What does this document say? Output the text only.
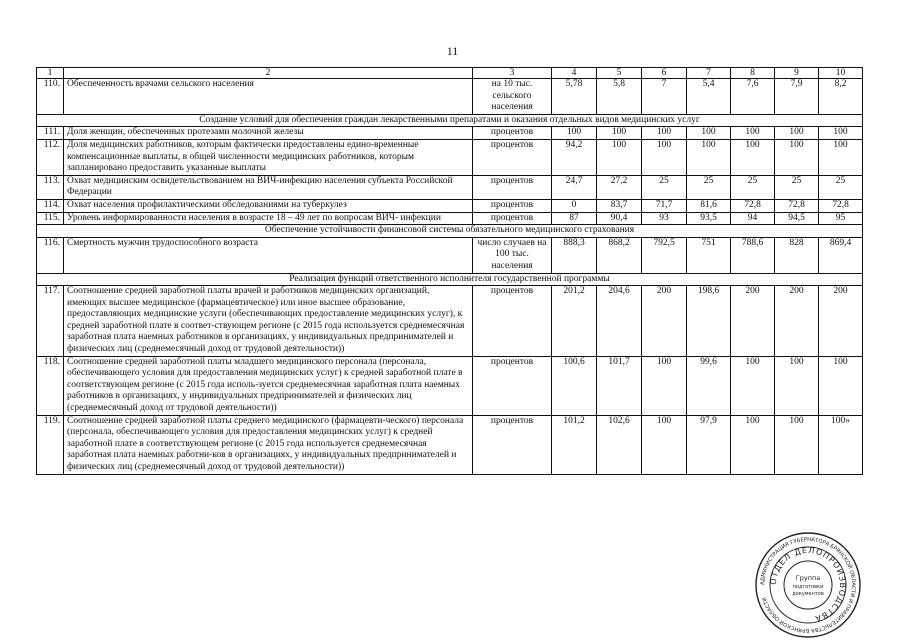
11
1	2	3	4	5	6	7	8	9	10
110.	Обеспеченность врачами сельского населения	на 10 тыс. сельского населения	5,78	5,8	7	5,4	7,6	7,9	8,2
Создание условий для обеспечения граждан лекарственными препаратами и оказания отдельных видов медицинских услуг									
111.	Доля женщин, обеспеченных протезами молочной железы	процентов	100	100	100	100	100	100	100
112.	Доля медицинских работников, которым фактически предоставлены едино-временные компенсационные выплаты, в общей численности медицинских работников, которым запланировано предоставить указанные выплаты	процентов	94,2	100	100	100	100	100	100
113.	Охват медицинским освидетельствованием на ВИЧ-инфекцию населения субъекта Российской Федерации	процентов	24,7	27,2	25	25	25	25	25
114.	Охват населения профилактическими обследованиями на туберкулез	процентов	0	83,7	71,7	81,6	72,8	72,8	72,8
115.	Уровень информированности населения в возрасте 18 – 49 лет по вопросам ВИЧ- инфекции	процентов	87	90,4	93	93,5	94	94,5	95
Обеспечение устойчивости финансовой системы обязательного медицинского страхования									
116.	Смертность мужчин трудоспособного возраста	число случаев на 100 тыс. населения	888,3	868,2	792,5	751	788,6	828	869,4
Реализация функций ответственного исполнителя государственной программы									
117.	Соотношение средней заработной платы врачей и работников медицинских организаций, имеющих высшее медицинское (фармацевтическое) или иное высшее образование, предоставляющих медицинские услуги (обеспечивающих предоставление медицинских услуг), к средней заработной плате в соответ-ствующем регионе (с 2015 года используется среднемесячная заработная плата наемных работников в организациях, у индивидуальных предпринимателей и физических лиц (среднемесячный доход от трудовой деятельности))	процентов	201,2	204,6	200	198,6	200	200	200
118.	Соотношение средней заработной платы младшего медицинского персонала (персонала, обеспечивающего условия для предоставления медицинских услуг) к средней заработной плате в соответствующем регионе (с 2015 года исполь-зуется среднемесячная заработная плата наемных работников в организациях, у индивидуальных предпринимателей и физических лиц (среднемесячный доход от трудовой деятельности))	процентов	100,6	101,7	100	99,6	100	100	100
119.	Соотношение средней заработной платы среднего медицинского (фармацевти-ческого) персонала (персонала, обеспечивающего условия для предоставления медицинских услуг) к средней заработной плате в соответствующем регионе (с 2015 года используется среднемесячная заработная плата наемных работни-ков в организациях, у индивидуальных предпринимателей и физических лиц (среднемесячный доход от трудовой деятельности))	процентов	101,2	102,6	100	97,9	100	100	100»
АДМИНИСТРАЦИЯ ГУБЕРНАТОРА БРЯНСКОЙ ОБЛАСТИ И ПРАВИТЕЛЬСТВА БРЯНСКОЙ ОБЛАСТИ
ОТДЕЛ ДЕЛОПРОИЗВОДСТВА
Группа
подготовки
документов
